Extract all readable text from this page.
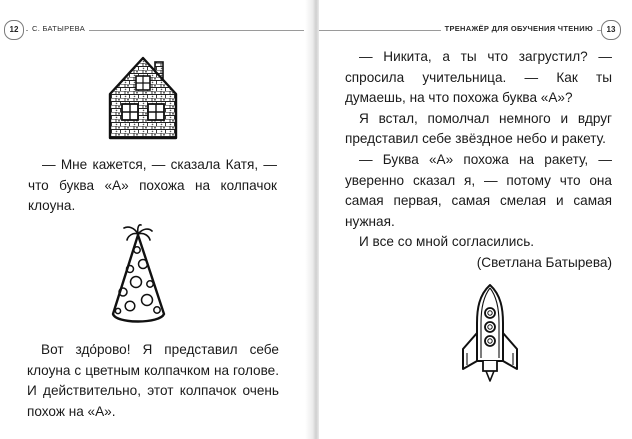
12	С. БАТЫРЕВА

— Мне кажется, — сказала Катя, — что буква «А» похожа на колпачок клоуна.

Вот здо́рово! Я представил себе клоуна с цветным колпачком на голове. И действительно, этот колпачок очень похож на «А».

ТРЕНАЖЁР ДЛЯ ОБУЧЕНИЯ ЧТЕНИЮ	13

— Никита, а ты что загрустил? — спросила учительница. — Как ты думаешь, на что похожа буква «А»?

Я встал, помолчал немного и вдруг представил себе звёздное небо и ракету.

— Буква «А» похожа на ракету, — уверенно сказал я, — потому что она самая первая, самая смелая и самая нужная.

И все со мной согласились.

(Светлана Батырева)
